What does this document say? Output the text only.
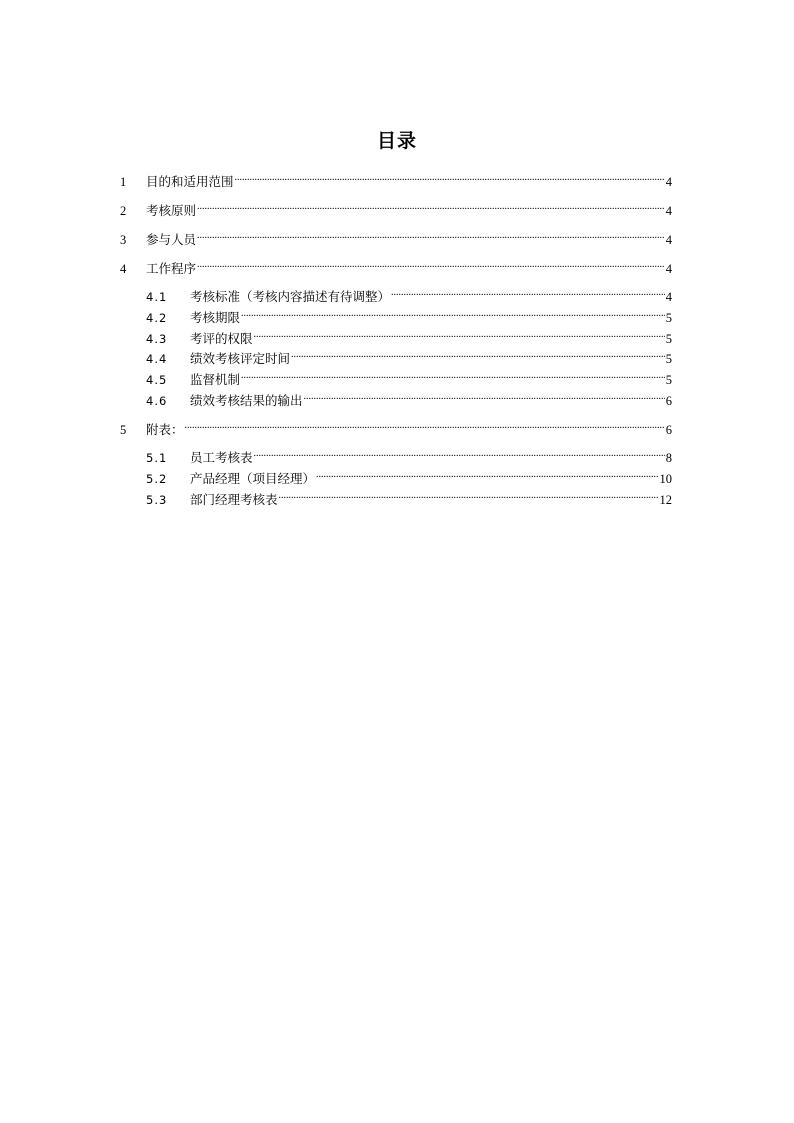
目录
1	目的和适用范围 .....	4
2	考核原则 .....	4
3	参与人员 .....	4
4	工作程序 .....	4
4.1	考核标准（考核内容描述有待调整） .....	4
4.2	考核期限 .....	5
4.3	考评的权限 .....	5
4.4	绩效考核评定时间 .....	5
4.5	监督机制 .....	5
4.6	绩效考核结果的输出 .....	6
5	附表： .....	6
5.1	员工考核表 .....	8
5.2	产品经理（项目经理） .....	10
5.3	部门经理考核表 .....	12
